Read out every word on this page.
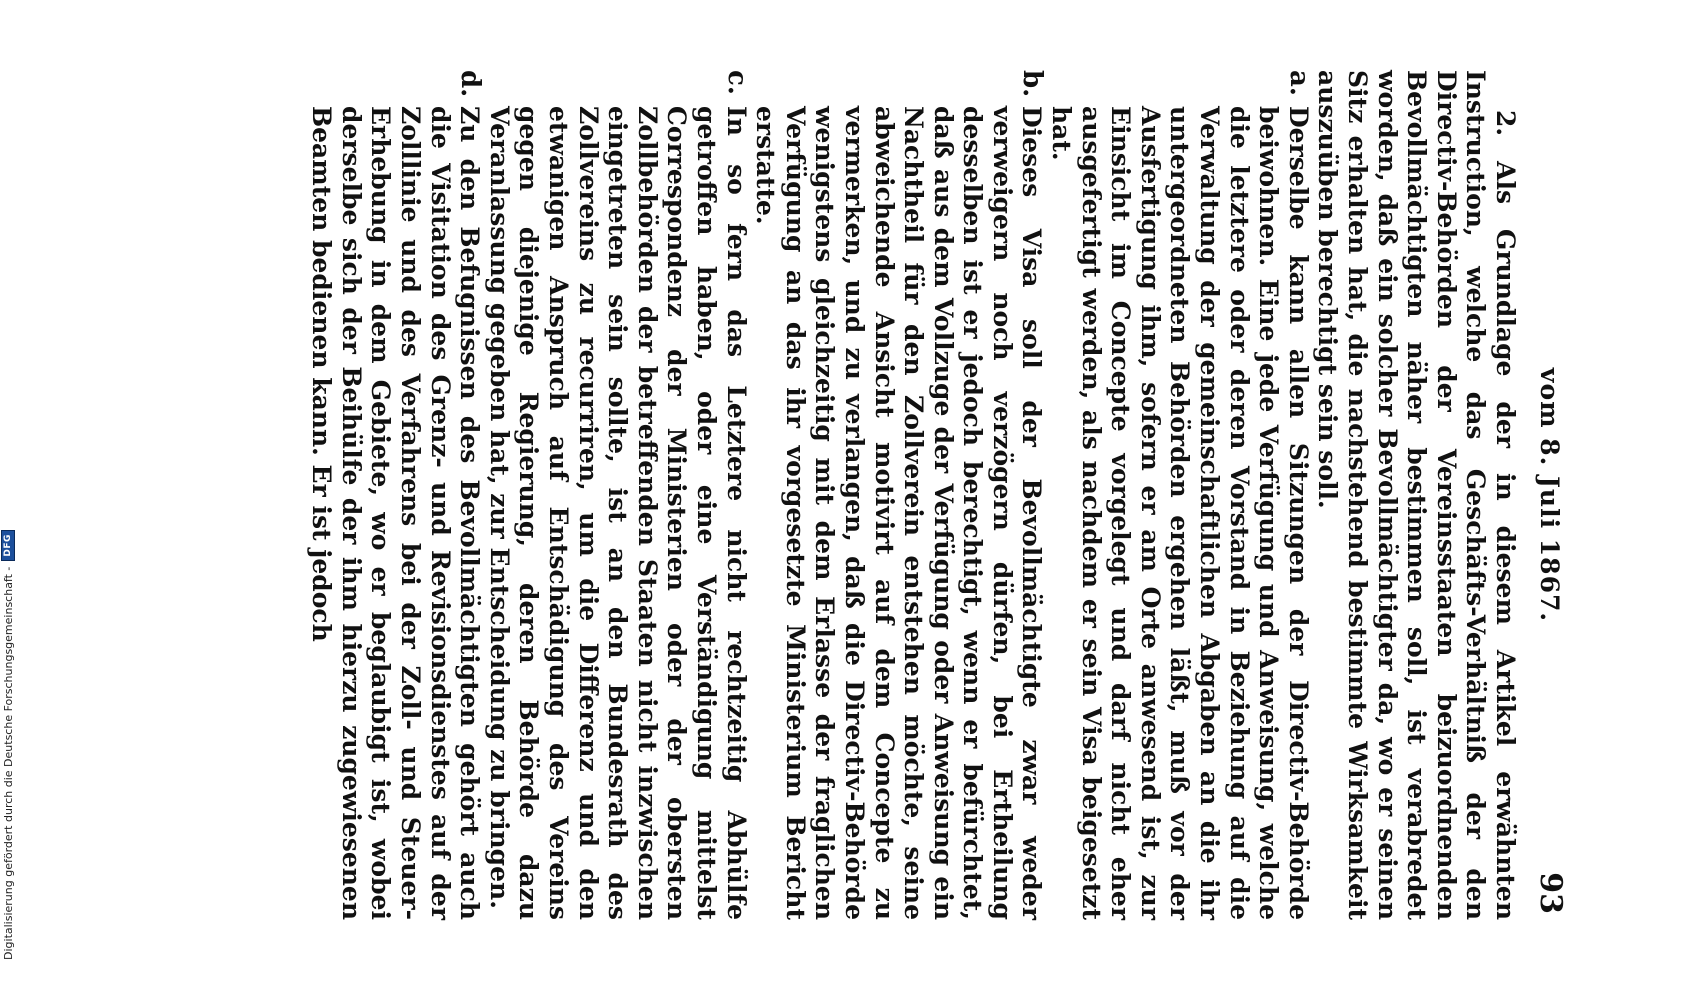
vom 8. Juli 1867.
93

2. Als Grundlage der in diesem Artikel erwähnten Instruction, welche das Geschäfts-Verhältniß der den Directiv-Behörden der Vereinsstaaten beizuordnenden Bevollmächtigten näher bestimmen soll, ist verabredet worden, daß ein solcher Bevollmächtigter da, wo er seinen Sitz erhalten hat, die nachstehend bestimmte Wirksamkeit auszuüben berechtigt sein soll.

a.

Derselbe kann allen Sitzungen der Directiv-Behörde beiwohnen. Eine jede Verfügung und Anweisung, welche die letztere oder deren Vorstand in Beziehung auf die Verwaltung der gemeinschaftlichen Abgaben an die ihr untergeordneten Behörden ergehen läßt, muß vor der Ausfertigung ihm, sofern er am Orte anwesend ist, zur Einsicht im Concepte vorgelegt und darf nicht eher ausgefertigt werden, als nachdem er sein Visa beigesetzt hat.

b.

Dieses Visa soll der Bevollmächtigte zwar weder verweigern noch verzögern dürfen, bei Ertheilung desselben ist er jedoch berechtigt, wenn er befürchtet, daß aus dem Vollzuge der Verfügung oder Anweisung ein Nachtheil für den Zollverein entstehen möchte, seine abweichende Ansicht motivirt auf dem Concepte zu vermerken, und zu verlangen, daß die Directiv-Behörde wenigstens gleichzeitig mit dem Erlasse der fraglichen Verfügung an das ihr vorgesetzte Ministerium Bericht erstatte.

c.

In so fern das Letztere nicht rechtzeitig Abhülfe getroffen haben, oder eine Verständigung mittelst Correspondenz der Ministerien oder der obersten Zollbehörden der betreffenden Staaten nicht inzwischen eingetreten sein sollte, ist an den Bundesrath des Zollvereins zu recurriren, um die Differenz und den etwanigen Anspruch auf Entschädigung des Vereins gegen diejenige Regierung, deren Behörde dazu Veranlassung gegeben hat, zur Entscheidung zu bringen.

d.

Zu den Befugnissen des Bevollmächtigten gehört auch die Visitation des Grenz- und Revisionsdienstes auf der Zolllinie und des Verfahrens bei der Zoll- und Steuer-Erhebung in dem Gebiete, wo er beglaubigt ist, wobei derselbe sich der Beihülfe der ihm hierzu zugewiesenen Beamten bedienen kann. Er ist jedoch

Digitalisierung gefördert durch die Deutsche Forschungsgemeinschaft -
DFG
